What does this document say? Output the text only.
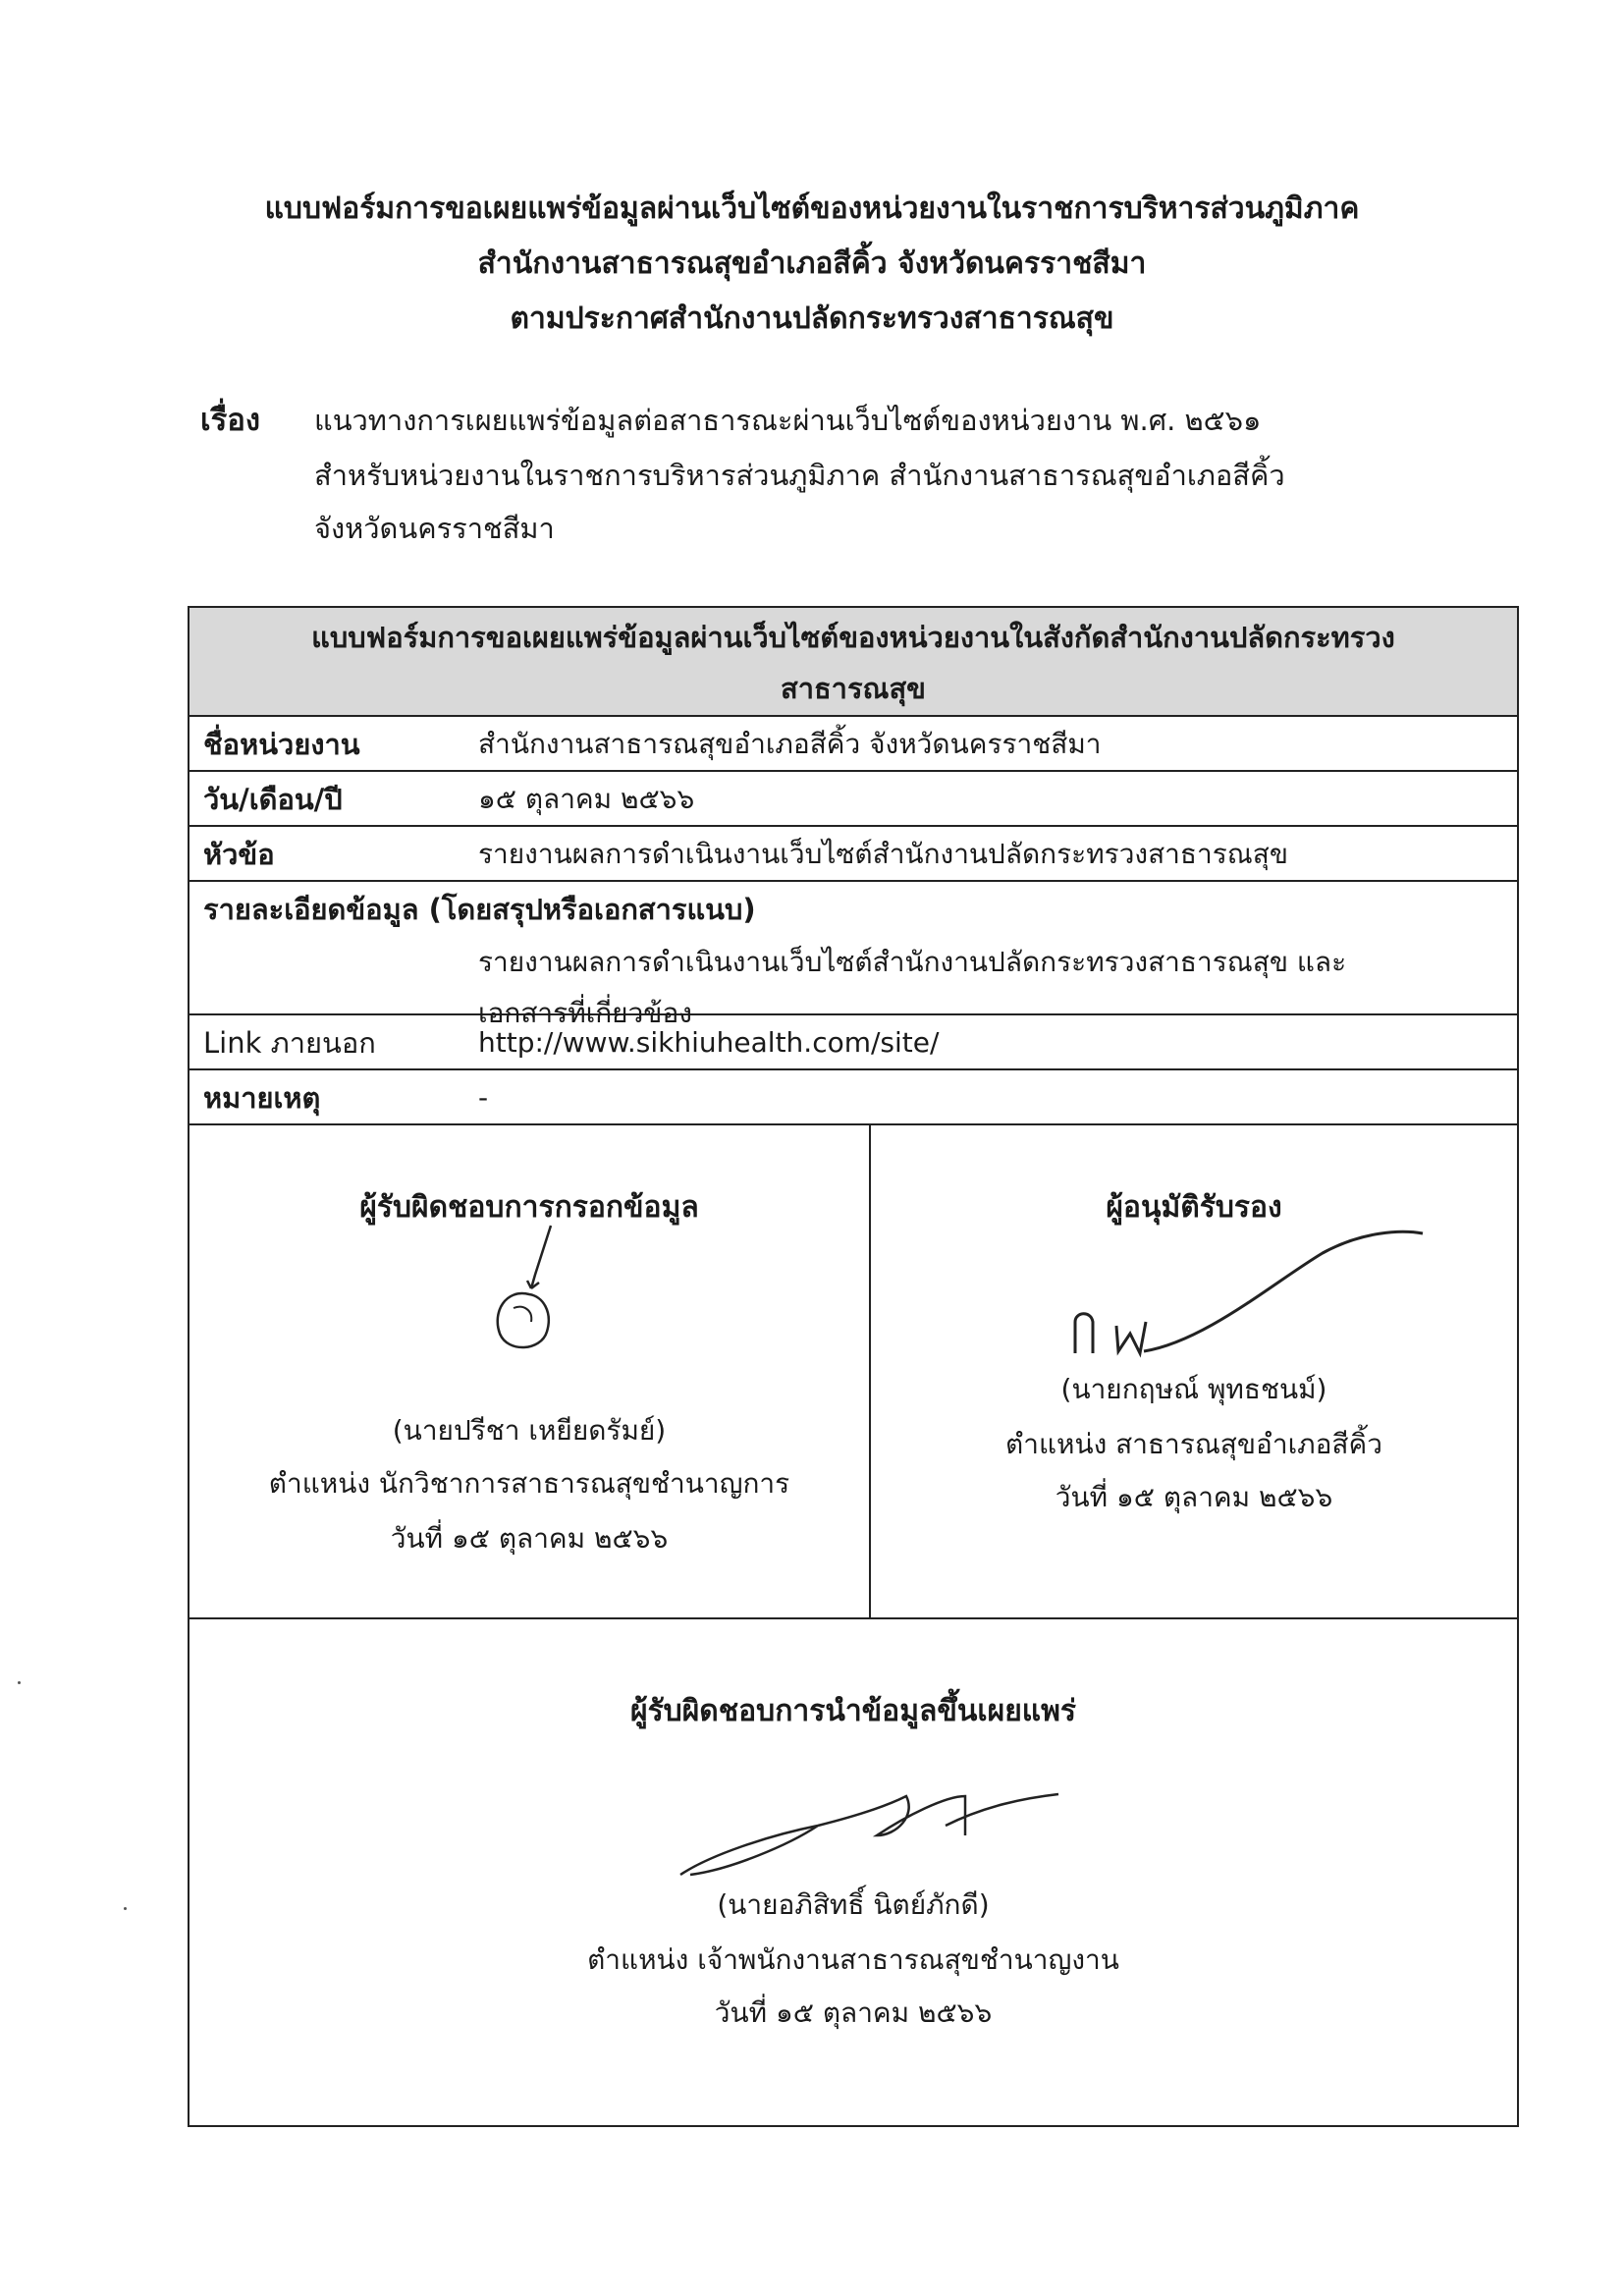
แบบฟอร์มการขอเผยแพร่ข้อมูลผ่านเว็บไซต์ของหน่วยงานในราชการบริหารส่วนภูมิภาค
สำนักงานสาธารณสุขอำเภอสีคิ้ว จังหวัดนครราชสีมา
ตามประกาศสำนักงานปลัดกระทรวงสาธารณสุข
เรื่อง แนวทางการเผยแพร่ข้อมูลต่อสาธารณะผ่านเว็บไซต์ของหน่วยงาน พ.ศ. ๒๕๖๑
สำหรับหน่วยงานในราชการบริหารส่วนภูมิภาค สำนักงานสาธารณสุขอำเภอสีคิ้ว
จังหวัดนครราชสีมา
แบบฟอร์มการขอเผยแพร่ข้อมูลผ่านเว็บไซต์ของหน่วยงานในสังกัดสำนักงานปลัดกระทรวง
สาธารณสุข
ชื่อหน่วยงาน	สำนักงานสาธารณสุขอำเภอสีคิ้ว จังหวัดนครราชสีมา
วัน/เดือน/ปี	๑๕ ตุลาคม ๒๕๖๖
หัวข้อ	รายงานผลการดำเนินงานเว็บไซต์สำนักงานปลัดกระทรวงสาธารณสุข
รายละเอียดข้อมูล (โดยสรุปหรือเอกสารแนบ)
รายงานผลการดำเนินงานเว็บไซต์สำนักงานปลัดกระทรวงสาธารณสุข และ
เอกสารที่เกี่ยวข้อง
Link ภายนอก	http://www.sikhiuhealth.com/site/
หมายเหตุ	-
ผู้รับผิดชอบการกรอกข้อมูล
(นายปรีชา เหยียดรัมย์)
ตำแหน่ง นักวิชาการสาธารณสุขชำนาญการ
วันที่ ๑๕ ตุลาคม ๒๕๖๖
ผู้อนุมัติรับรอง
(นายกฤษณ์ พุทธชนม์)
ตำแหน่ง สาธารณสุขอำเภอสีคิ้ว
วันที่ ๑๕ ตุลาคม ๒๕๖๖
ผู้รับผิดชอบการนำข้อมูลขึ้นเผยแพร่
(นายอภิสิทธิ์ นิตย์ภักดี)
ตำแหน่ง เจ้าพนักงานสาธารณสุขชำนาญงาน
วันที่ ๑๕ ตุลาคม ๒๕๖๖
